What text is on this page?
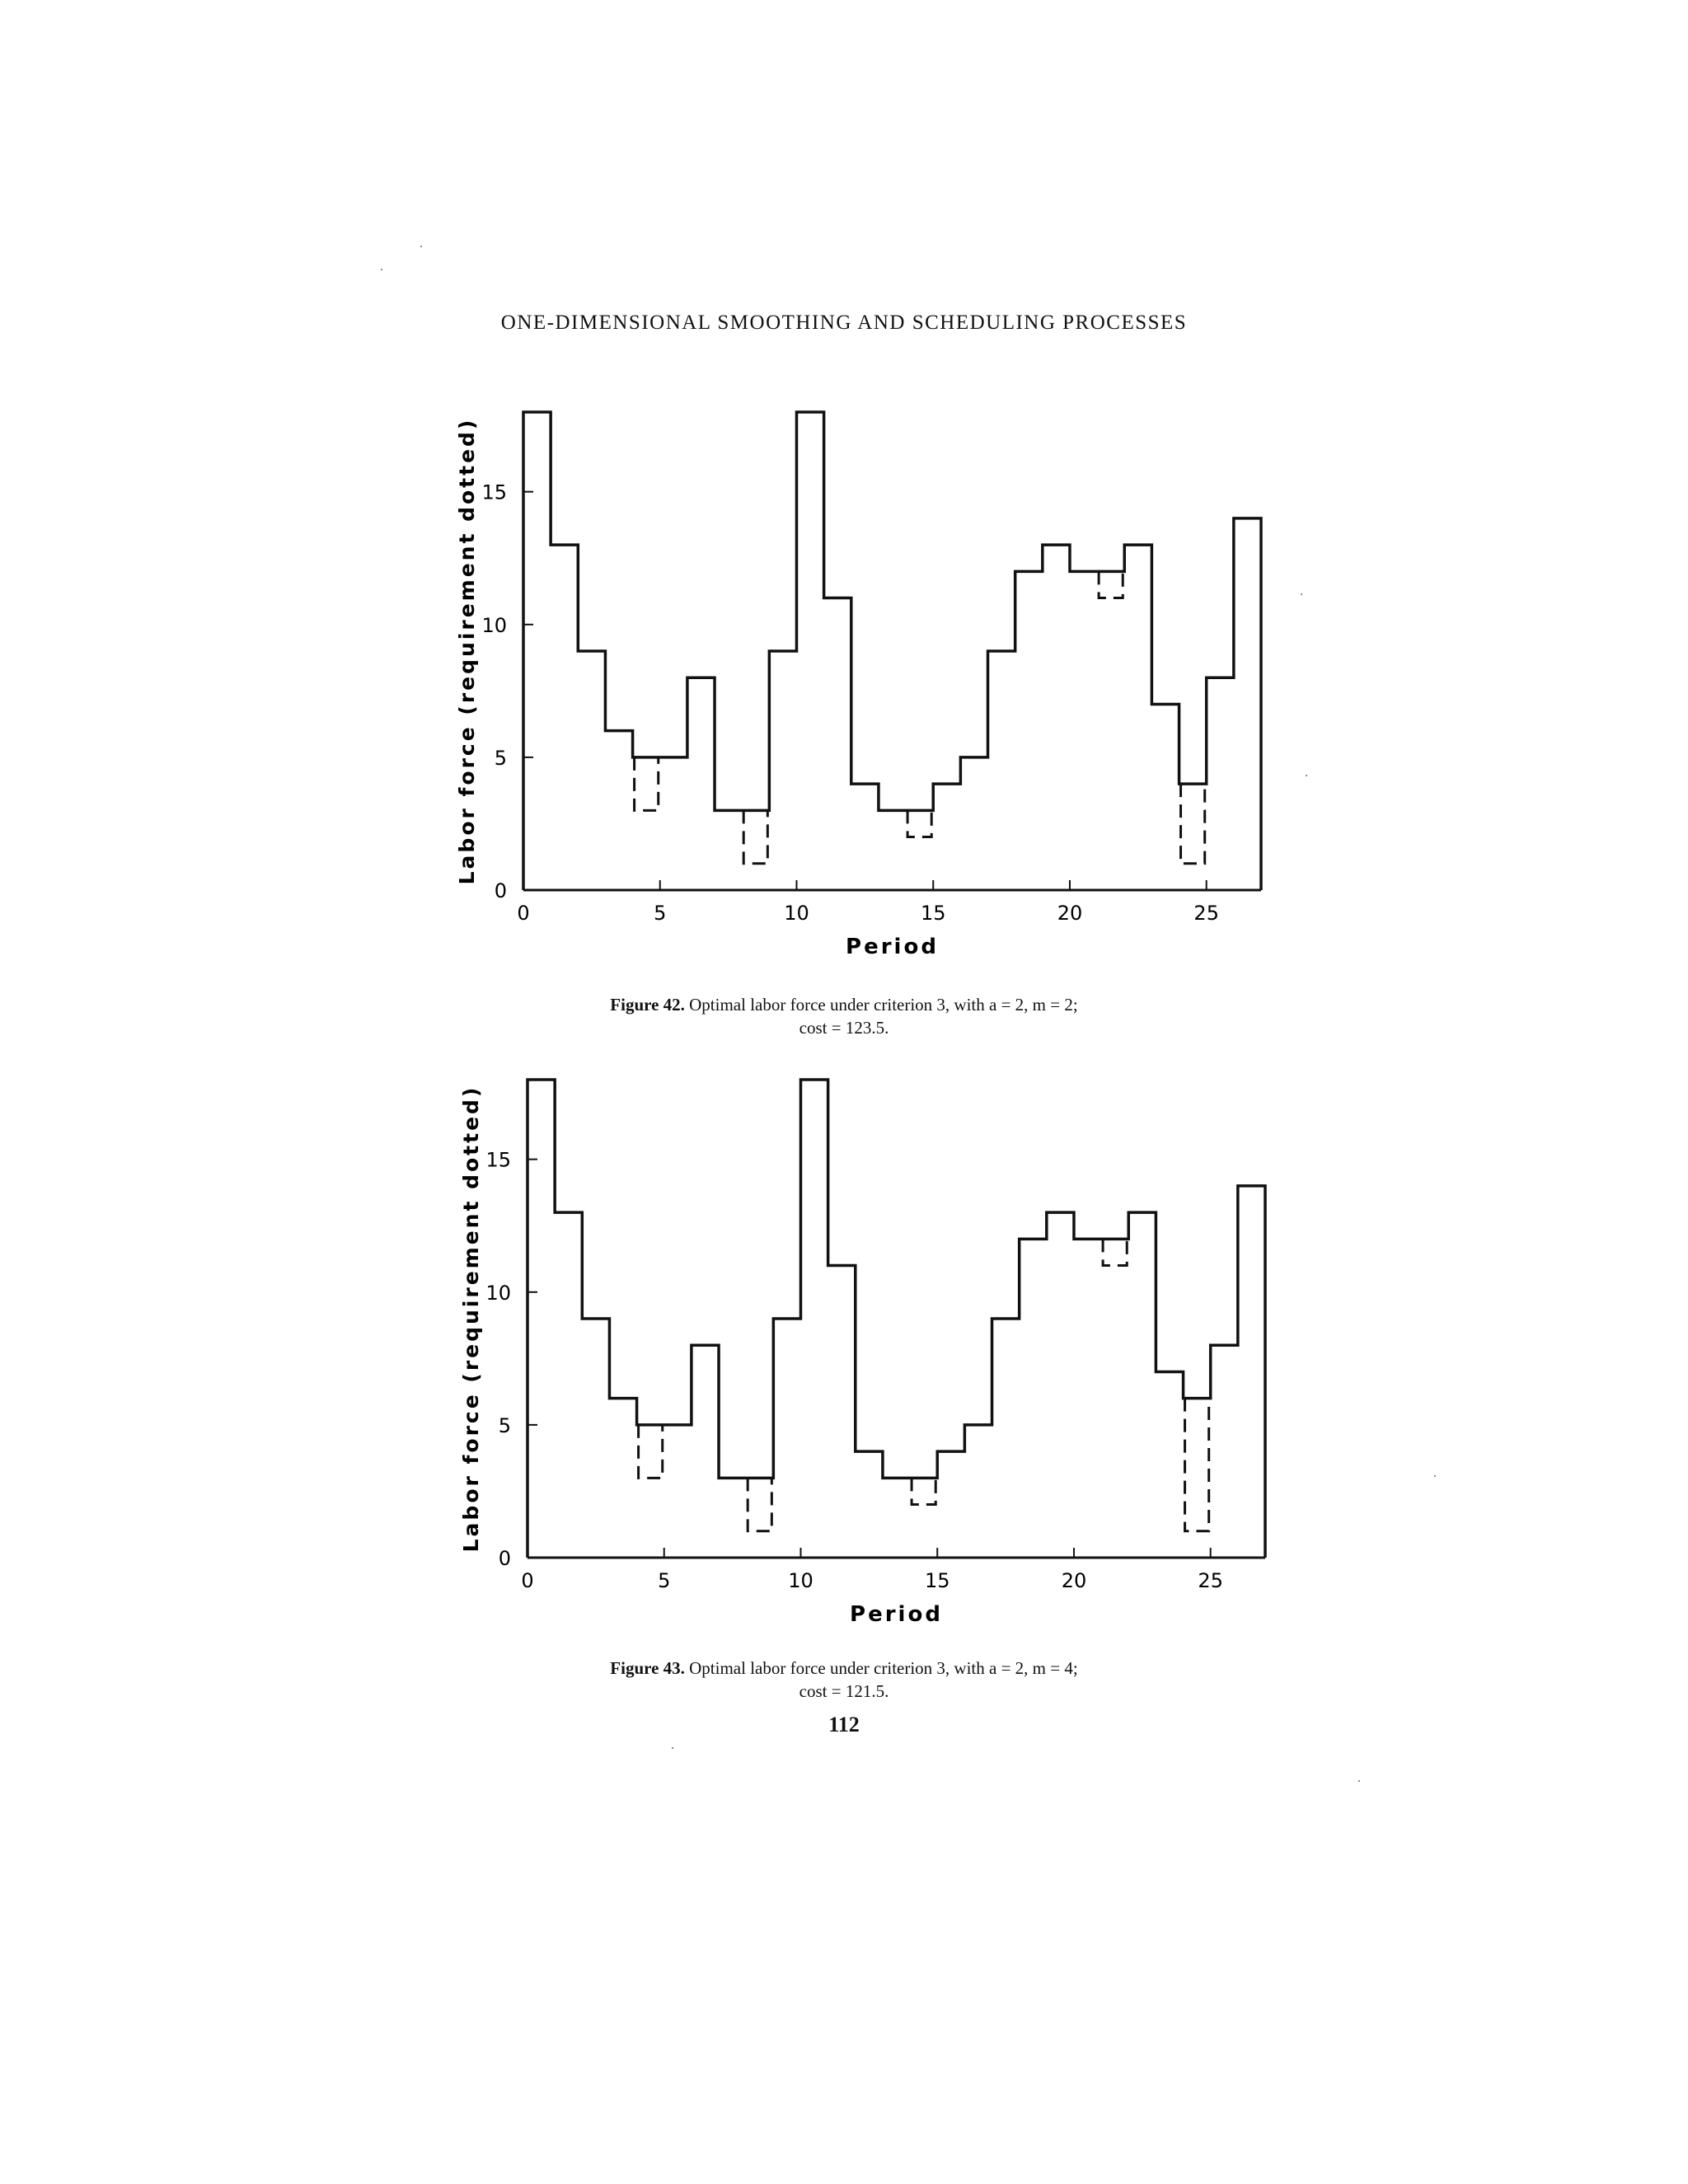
ONE-DIMENSIONAL SMOOTHING AND SCHEDULING PROCESSES
0	5	10	15	20	25
0
5
10
15
Period
Labor force (requirement dotted)
Figure 42. Optimal labor force under criterion 3, with a = 2, m = 2;
cost = 123.5.
0	5	10	15	20	25
0
5
10
15
Period
Labor force (requirement dotted)
Figure 43. Optimal labor force under criterion 3, with a = 2, m = 4;
cost = 121.5.
112
